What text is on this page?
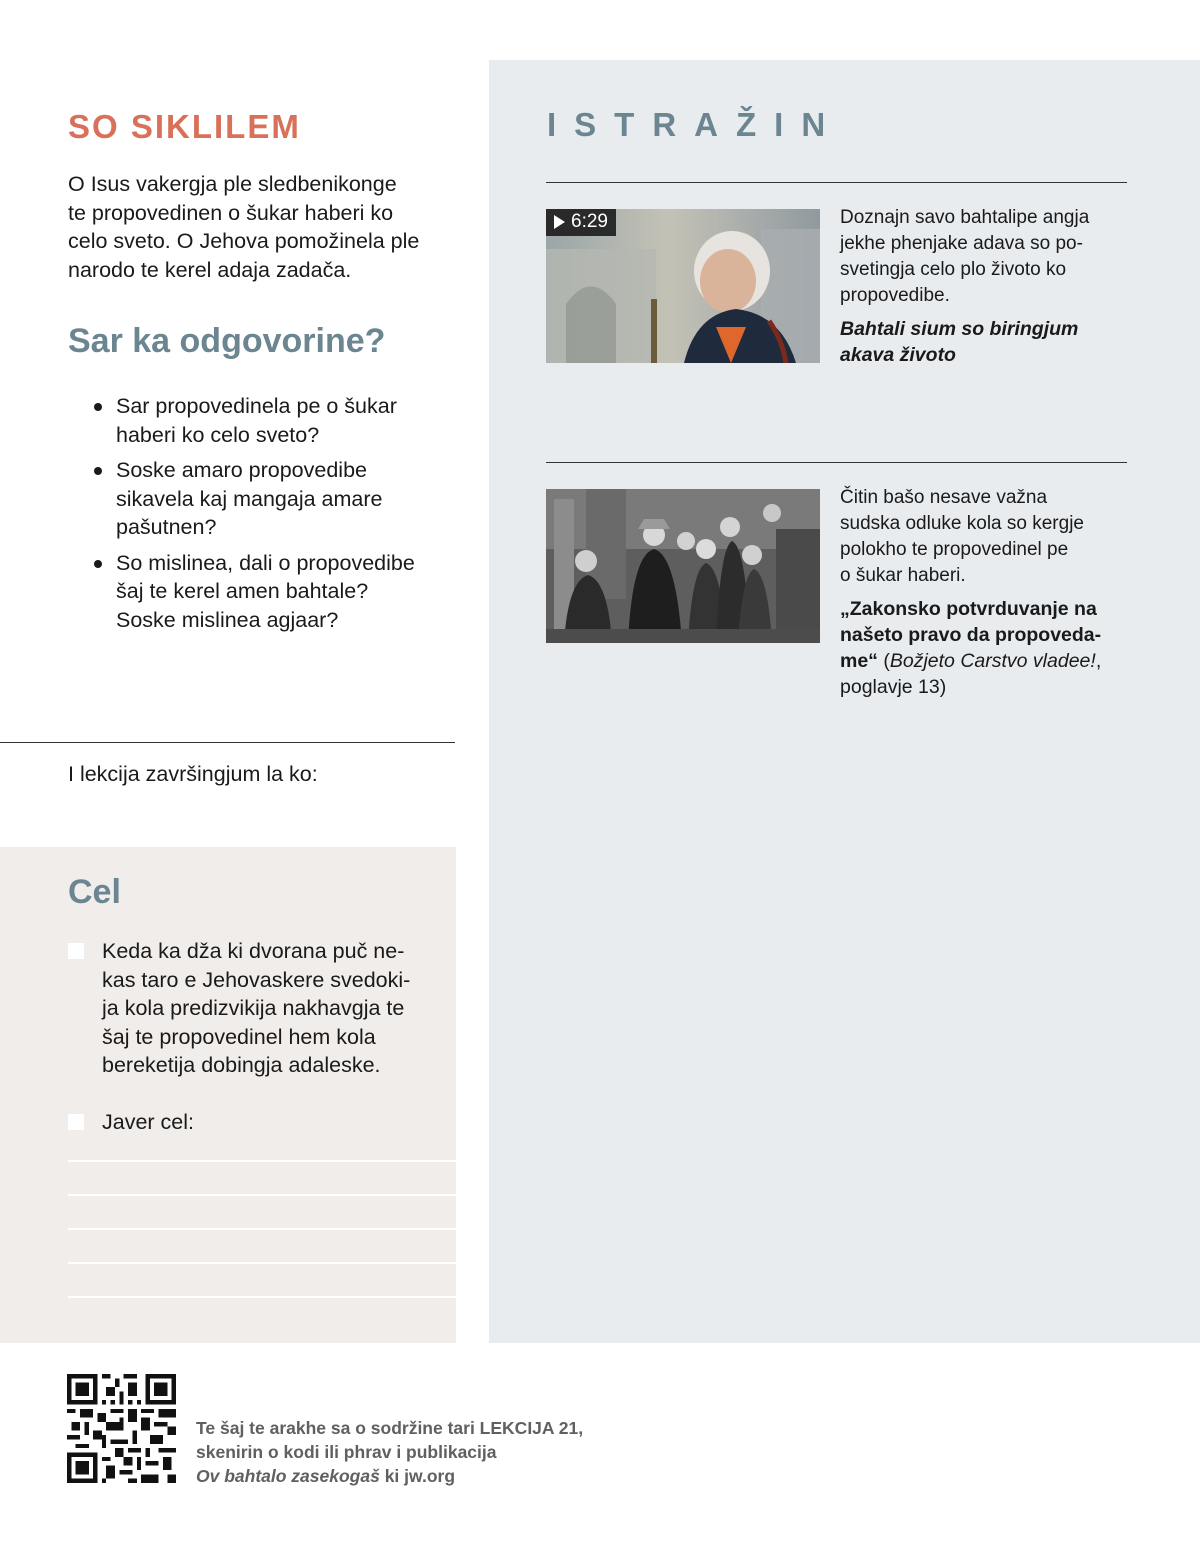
SO SIKLILEM
O Isus vakergja ple sledbenikonge
te propovedinen o šukar haberi ko
celo sveto. O Jehova pomožinela ple
narodo te kerel adaja zadača.
Sar ka odgovorine?
Sar propovedinela pe o šukar
haberi ko celo sveto?
Soske amaro propovedibe
sikavela kaj mangaja amare
pašutnen?
So mislinea, dali o propovedibe
šaj te kerel amen bahtale?
Soske mislinea agjaar?
I lekcija završingjum la ko:
Cel
Keda ka dža ki dvorana puč ne-
kas taro e Jehovaskere svedoki-
ja kola predizvikija nakhavgja te
šaj te propovedinel hem kola
bereketija dobingja adaleske.
Javer cel:
ISTRAŽIN
6:29	Doznajn savo bahtalipe angja
jekhe phenjake adava so po-
svetingja celo plo životo ko
propovedibe.
Bahtali sium so biringjum
akava životo
Čitin bašo nesave važna
sudska odluke kola so kergje
polokho te propovedinel pe
o šukar haberi.
„Zakonsko potvrduvanje na
našeto pravo da propoveda-
me“ (Božjeto Carstvo vladee!,
poglavje 13)
Te šaj te arakhe sa o sodržine tari LEKCIJA 21,
skenirin o kodi ili phrav i publikacija
Ov bahtalo zasekogaš ki jw.org
